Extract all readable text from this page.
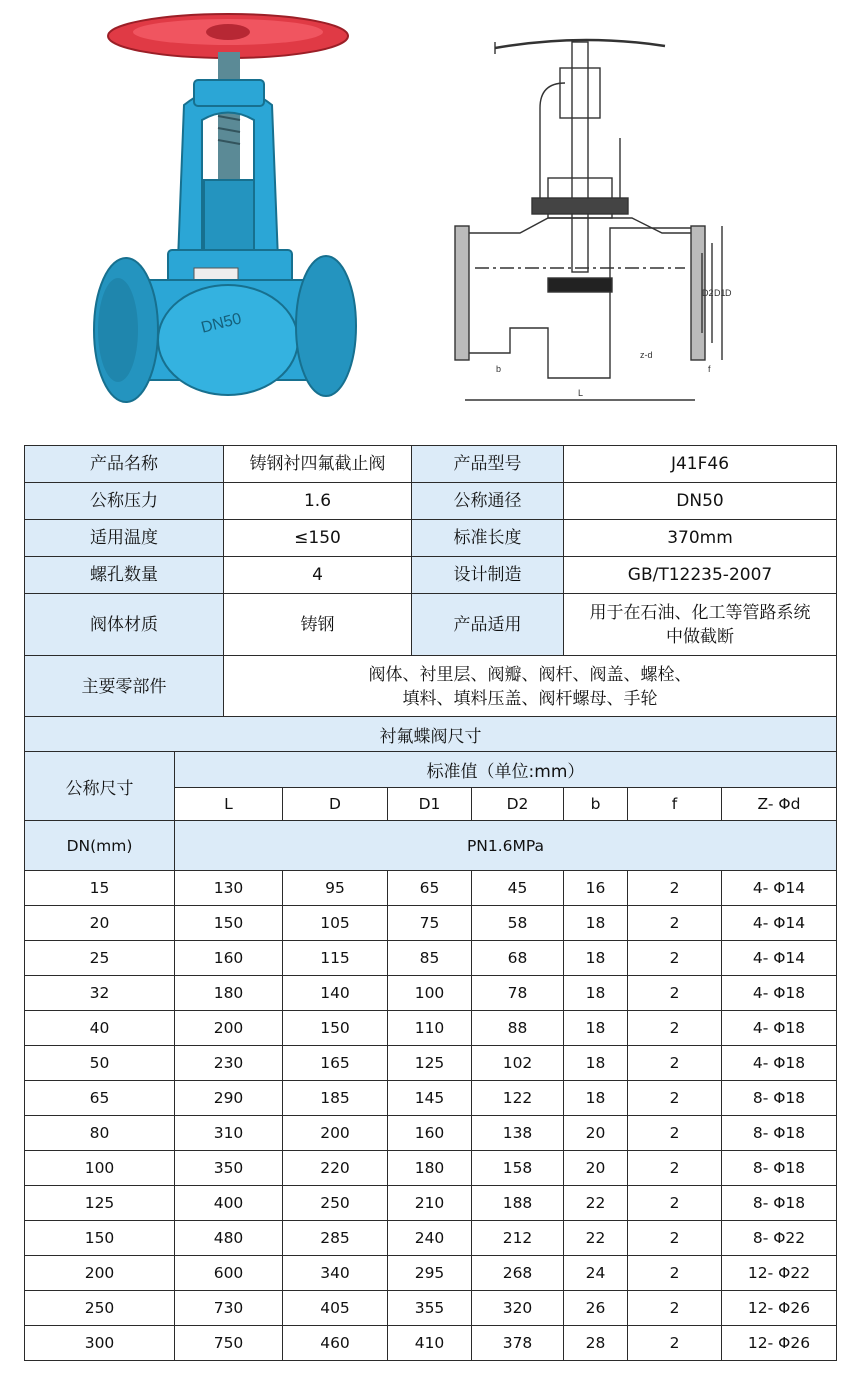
DN50
b
L
f
z-d
D
D1
D2
产品名称	铸钢衬四氟截止阀	产品型号	J41F46
公称压力	1.6	公称通径	DN50
适用温度	≤150	标准长度	370mm
螺孔数量	4	设计制造	GB/T12235-2007
阀体材质	铸钢	产品适用	用于在石油、化工等管路系统
中做截断

主要零部件	阀体、衬里层、阀瓣、阀杆、阀盖、螺栓、
填料、填料压盖、阀杆螺母、手轮		
衬氟蝶阀尺寸							
公称尺寸	标准值（单位:mm）						
	L	D	D1	D2	b	f	Z- Φd
DN(mm)	PN1.6MPa						
15	130	95	65	45	16	2	4- Φ14
20	150	105	75	58	18	2	4- Φ14
25	160	115	85	68	18	2	4- Φ14
32	180	140	100	78	18	2	4- Φ18
40	200	150	110	88	18	2	4- Φ18
50	230	165	125	102	18	2	4- Φ18
65	290	185	145	122	18	2	8- Φ18
80	310	200	160	138	20	2	8- Φ18
100	350	220	180	158	20	2	8- Φ18
125	400	250	210	188	22	2	8- Φ18
150	480	285	240	212	22	2	8- Φ22
200	600	340	295	268	24	2	12- Φ22
250	730	405	355	320	26	2	12- Φ26
300	750	460	410	378	28	2	12- Φ26
